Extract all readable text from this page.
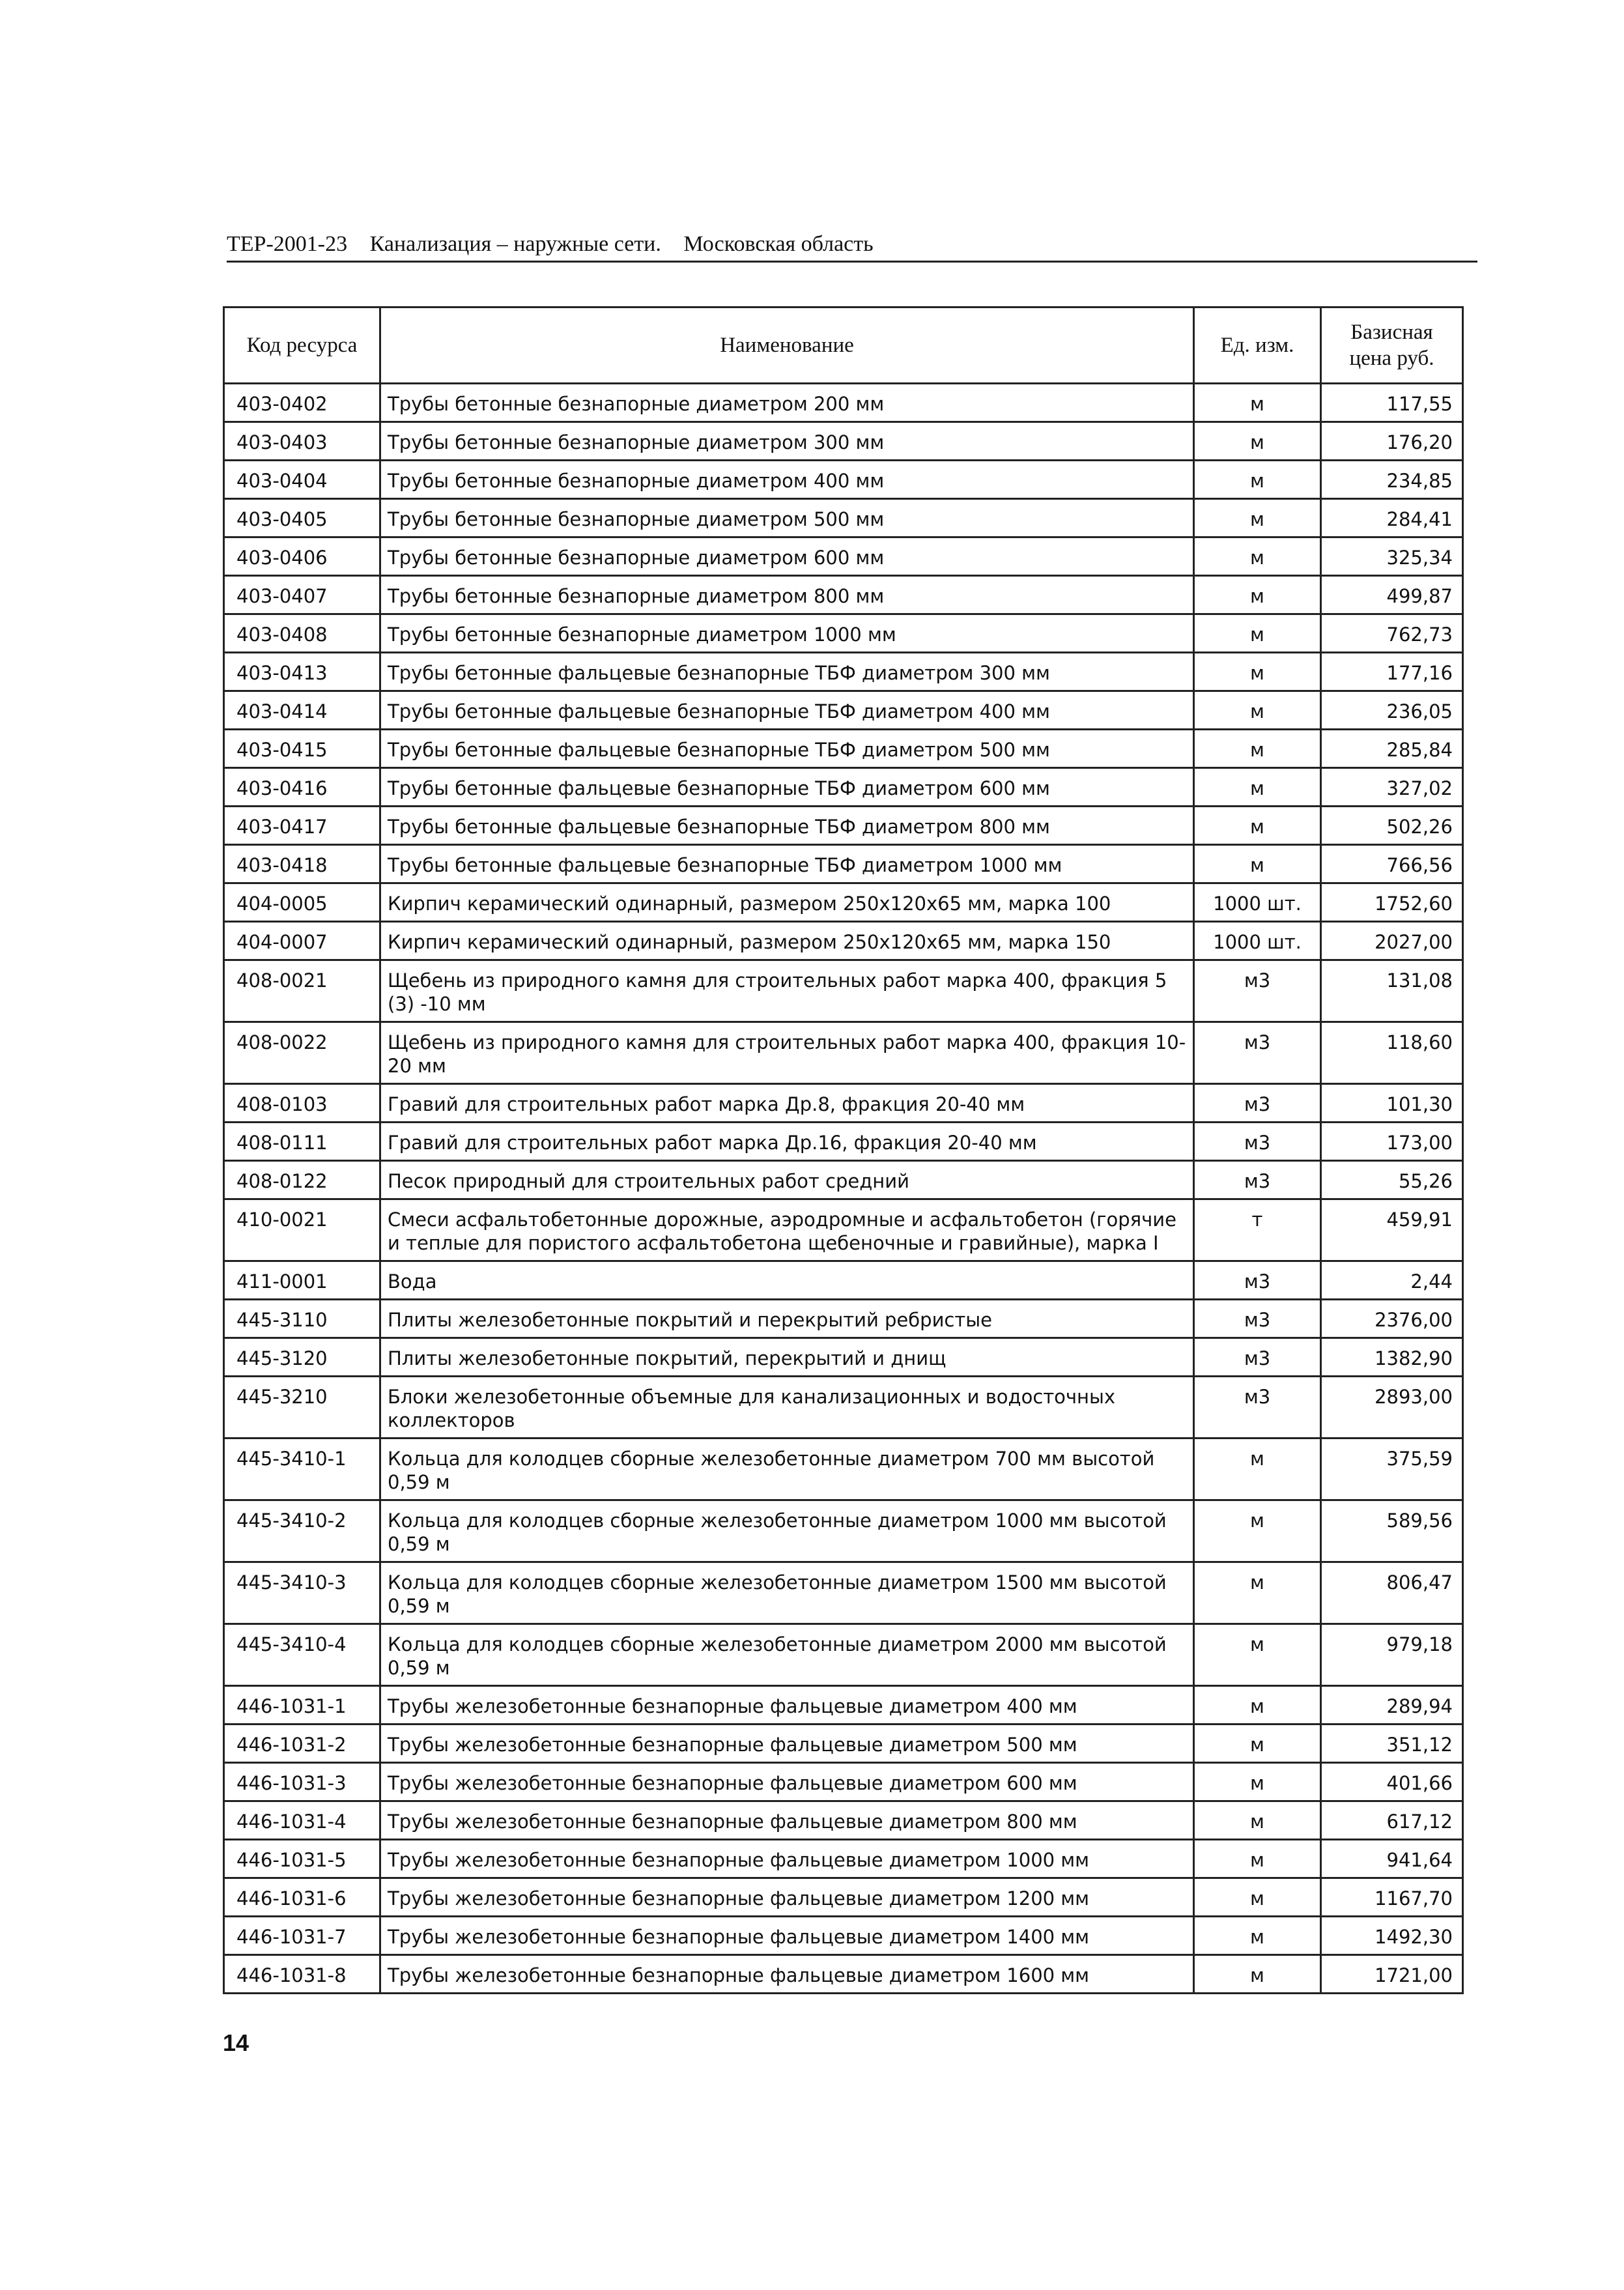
ТЕР-2001-23 Канализация – наружные сети. Московская область
Код ресурса	Наименование	Ед. изм.	Базисная цена руб.
403-0402	Трубы бетонные безнапорные диаметром 200 мм	м	117,55
403-0403	Трубы бетонные безнапорные диаметром 300 мм	м	176,20
403-0404	Трубы бетонные безнапорные диаметром 400 мм	м	234,85
403-0405	Трубы бетонные безнапорные диаметром 500 мм	м	284,41
403-0406	Трубы бетонные безнапорные диаметром 600 мм	м	325,34
403-0407	Трубы бетонные безнапорные диаметром 800 мм	м	499,87
403-0408	Трубы бетонные безнапорные диаметром 1000 мм	м	762,73
403-0413	Трубы бетонные фальцевые безнапорные ТБФ диаметром 300 мм	м	177,16
403-0414	Трубы бетонные фальцевые безнапорные ТБФ диаметром 400 мм	м	236,05
403-0415	Трубы бетонные фальцевые безнапорные ТБФ диаметром 500 мм	м	285,84
403-0416	Трубы бетонные фальцевые безнапорные ТБФ диаметром 600 мм	м	327,02
403-0417	Трубы бетонные фальцевые безнапорные ТБФ диаметром 800 мм	м	502,26
403-0418	Трубы бетонные фальцевые безнапорные ТБФ диаметром 1000 мм	м	766,56
404-0005	Кирпич керамический одинарный, размером 250х120х65 мм, марка 100	1000 шт.	1752,60
404-0007	Кирпич керамический одинарный, размером 250х120х65 мм, марка 150	1000 шт.	2027,00
408-0021	Щебень из природного камня для строительных работ марка 400, фракция 5 (3) -10 мм	м3	131,08
408-0022	Щебень из природного камня для строительных работ марка 400, фракция 10-20 мм	м3	118,60
408-0103	Гравий для строительных работ марка Др.8, фракция 20-40 мм	м3	101,30
408-0111	Гравий для строительных работ марка Др.16, фракция 20-40 мм	м3	173,00
408-0122	Песок природный для строительных работ средний	м3	55,26
410-0021	Смеси асфальтобетонные дорожные, аэродромные и асфальтобетон (горячие и теплые для пористого асфальтобетона щебеночные и гравийные), марка I	т	459,91
411-0001	Вода	м3	2,44
445-3110	Плиты железобетонные покрытий и перекрытий ребристые	м3	2376,00
445-3120	Плиты железобетонные покрытий, перекрытий и днищ	м3	1382,90
445-3210	Блоки железобетонные объемные для канализационных и водосточных коллекторов	м3	2893,00
445-3410-1	Кольца для колодцев сборные железобетонные диаметром 700 мм высотой 0,59 м	м	375,59
445-3410-2	Кольца для колодцев сборные железобетонные диаметром 1000 мм высотой 0,59 м	м	589,56
445-3410-3	Кольца для колодцев сборные железобетонные диаметром 1500 мм высотой 0,59 м	м	806,47
445-3410-4	Кольца для колодцев сборные железобетонные диаметром 2000 мм высотой 0,59 м	м	979,18
446-1031-1	Трубы железобетонные безнапорные фальцевые диаметром 400 мм	м	289,94
446-1031-2	Трубы железобетонные безнапорные фальцевые диаметром 500 мм	м	351,12
446-1031-3	Трубы железобетонные безнапорные фальцевые диаметром 600 мм	м	401,66
446-1031-4	Трубы железобетонные безнапорные фальцевые диаметром 800 мм	м	617,12
446-1031-5	Трубы железобетонные безнапорные фальцевые диаметром 1000 мм	м	941,64
446-1031-6	Трубы железобетонные безнапорные фальцевые диаметром 1200 мм	м	1167,70
446-1031-7	Трубы железобетонные безнапорные фальцевые диаметром 1400 мм	м	1492,30
446-1031-8	Трубы железобетонные безнапорные фальцевые диаметром 1600 мм	м	1721,00
14
